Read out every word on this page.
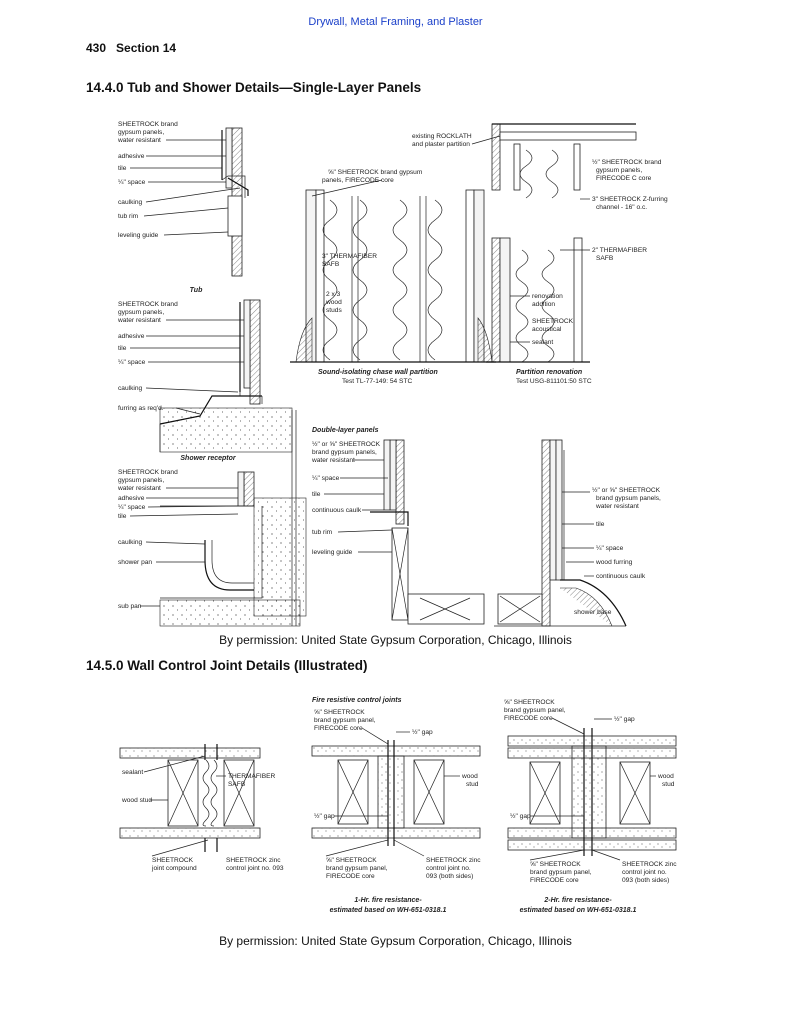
Drywall, Metal Framing, and Plaster
430 Section 14
14.4.0 Tub and Shower Details—Single-Layer Panels
SHEETROCK brand
gypsum panels,
water resistant
adhesive
tile
¼" space
caulking
tub rim
leveling guide
Tub
SHEETROCK brand
gypsum panels,
water resistant
adhesive
tile
¼" space
caulking
furring as req'd.
Shower receptor
SHEETROCK brand
gypsum panels,
water resistant
adhesive
¼" space
tile
caulking
shower pan
sub pan
⅝" SHEETROCK brand gypsum
panels, FIRECODE core
3" THERMAFIBER
SAFB
2 x 3
wood
studs
Sound-isolating chase wall partition
Test TL-77-149: 54 STC
existing ROCKLATH
and plaster partition
½" SHEETROCK brand
gypsum panels,
FIRECODE C core
3" SHEETROCK Z-furring
channel - 16" o.c.
2" THERMAFIBER
SAFB
renovation
addition
SHEETROCK
acoustical
sealant
Partition renovation
Test USG-811101:50 STC
Double-layer panels
½" or ⅝" SHEETROCK
brand gypsum panels,
water resistant
¼" space
tile
continuous caulk
tub rim
leveling guide
½" or ⅝" SHEETROCK
brand gypsum panels,
water resistant
tile
¼" space
wood furring
continuous caulk
shower base
By permission: United State Gypsum Corporation, Chicago, Illinois
14.5.0 Wall Control Joint Details (Illustrated)
sealant
wood stud
THERMAFIBER
SAFB
SHEETROCK
joint compound
SHEETROCK zinc
control joint no. 093
Fire resistive control joints
⅝" SHEETROCK
brand gypsum panel,
FIRECODE core
½" gap
wood
stud
½" gap
⅝" SHEETROCK
brand gypsum panel,
FIRECODE core
SHEETROCK zinc
control joint no.
093 (both sides)
1-Hr. fire resistance-
estimated based on WH-651-0318.1
⅝" SHEETROCK
brand gypsum panel,
FIRECODE core	½" gap
wood
stud
½" gap
⅝" SHEETROCK
brand gypsum panel,
FIRECODE core
SHEETROCK zinc
control joint no.
093 (both sides)
2-Hr. fire resistance-
estimated based on WH-651-0318.1
By permission: United State Gypsum Corporation, Chicago, Illinois
